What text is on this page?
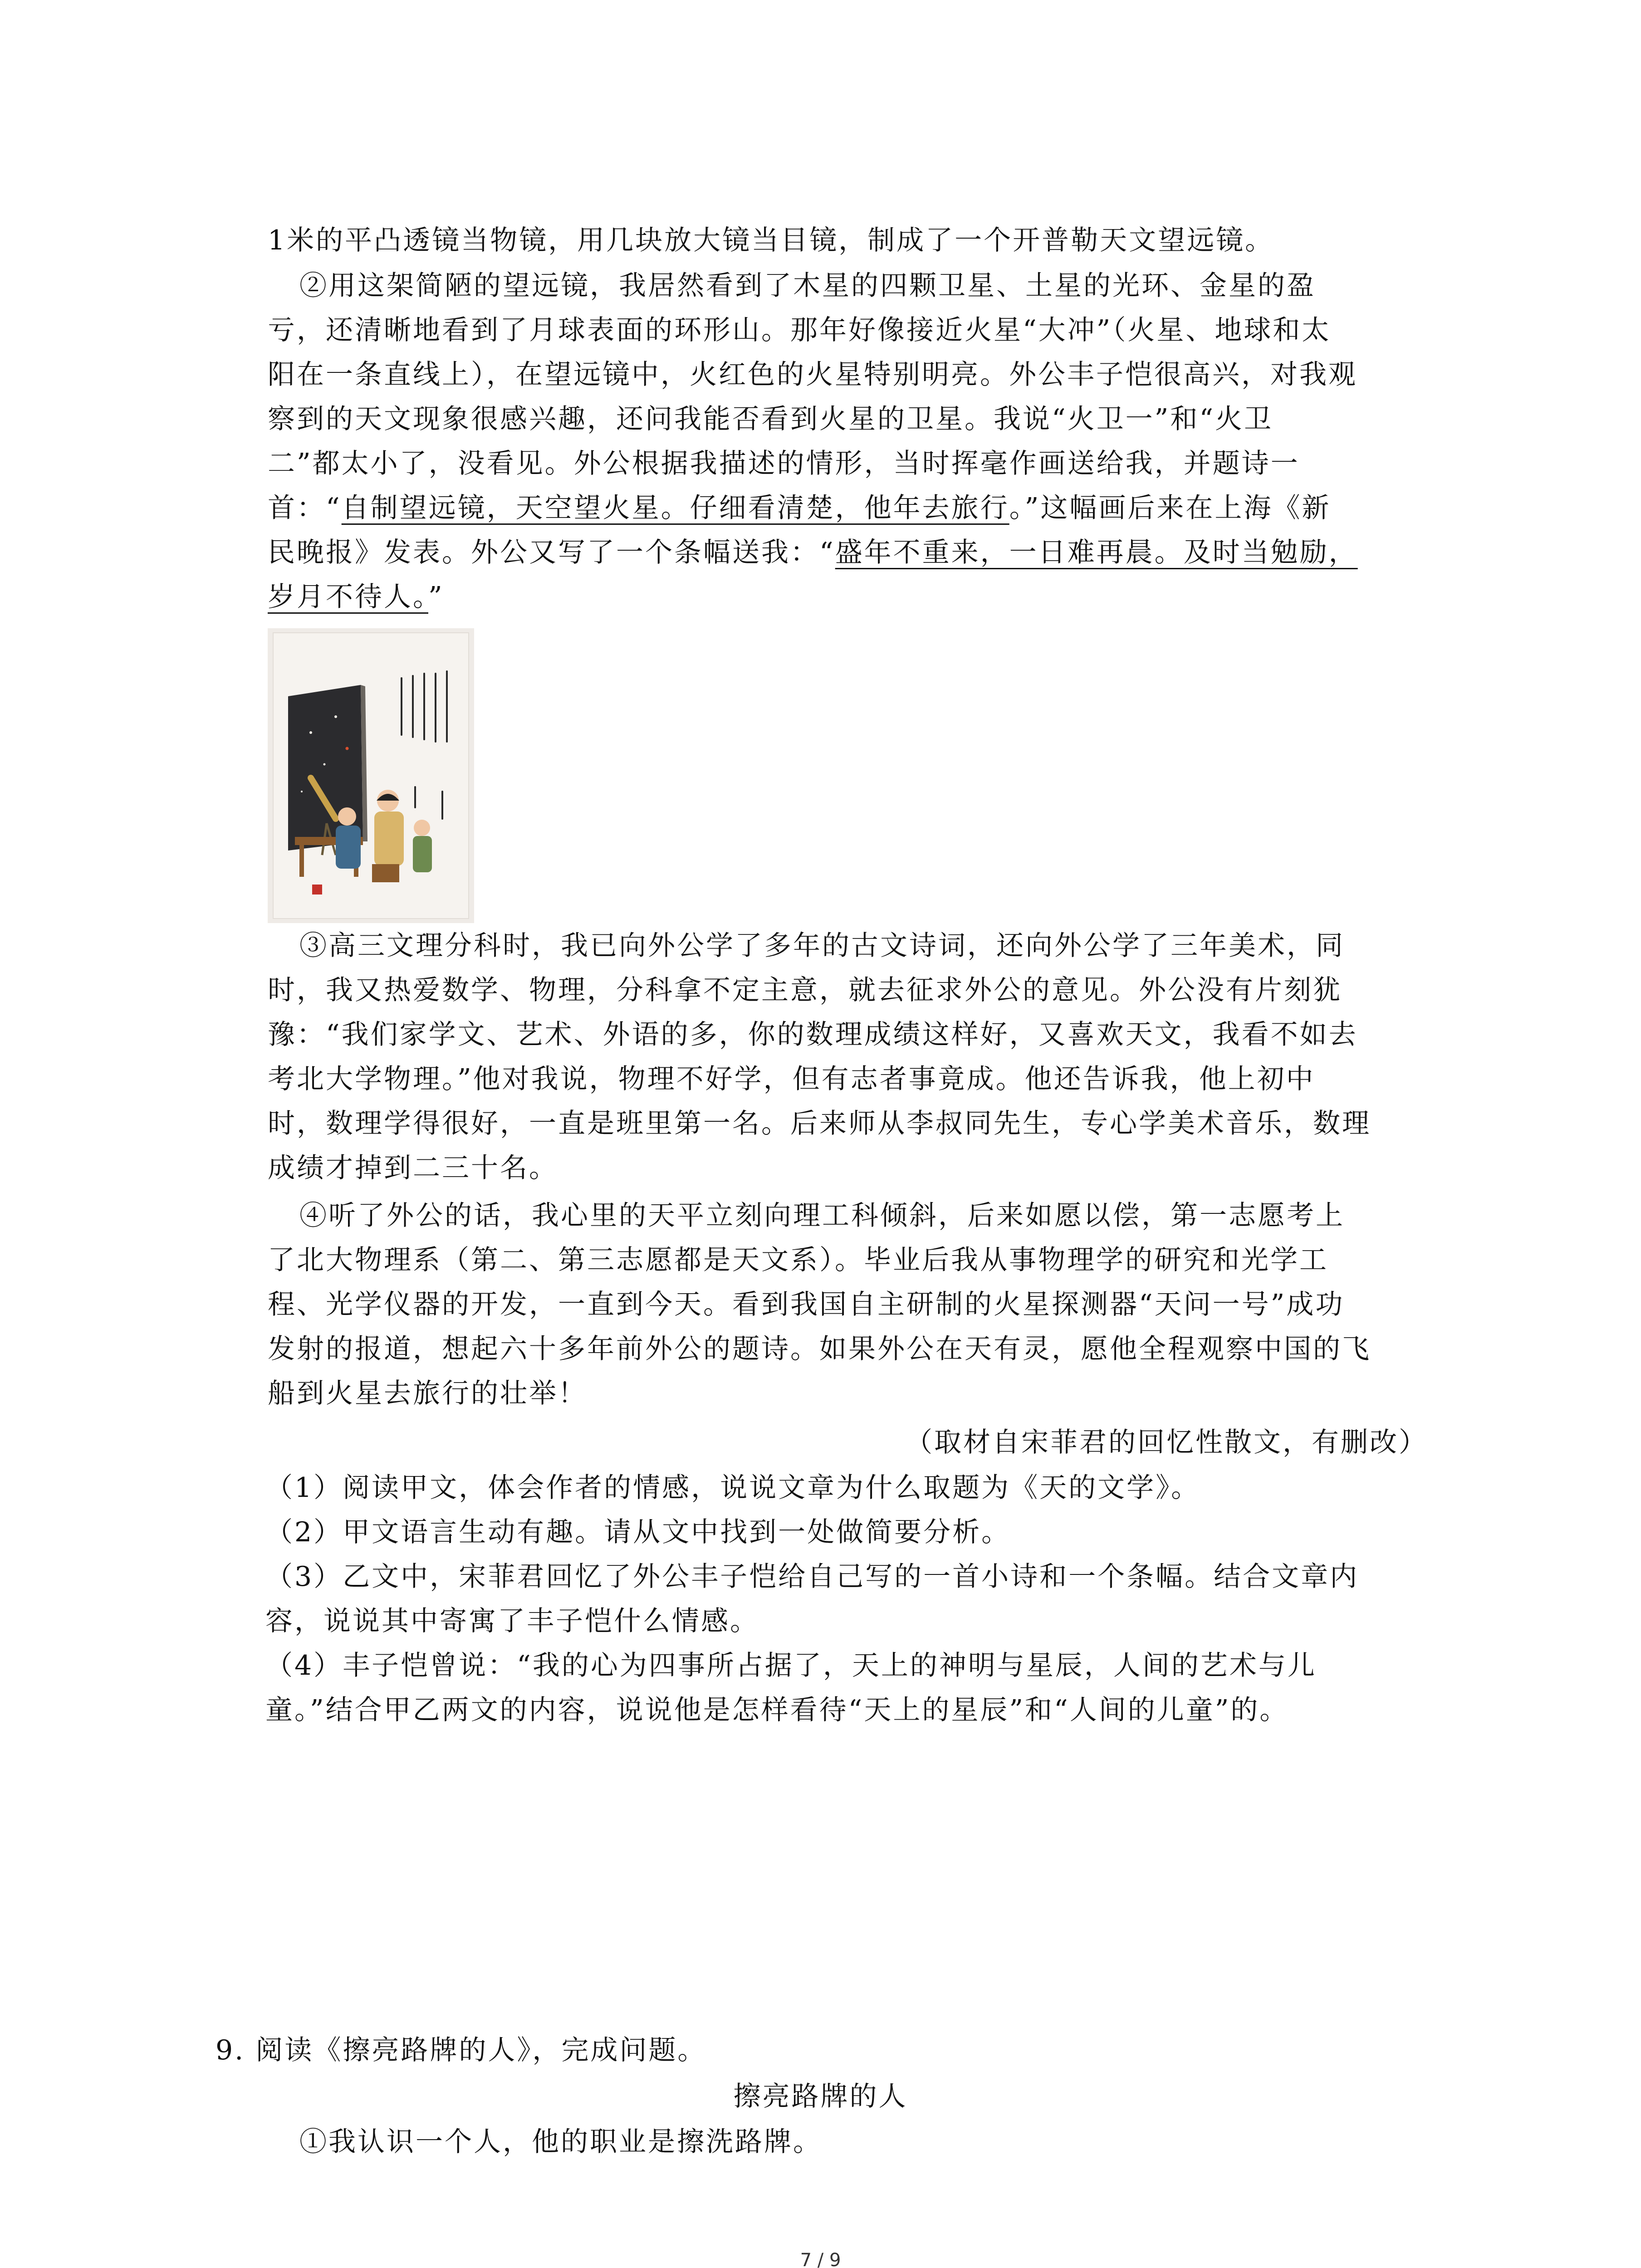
1米的平凸透镜当物镜，用几块放大镜当目镜，制成了一个开普勒天文望远镜。
②用这架简陋的望远镜，我居然看到了木星的四颗卫星、土星的光环、金星的盈
亏，还清晰地看到了月球表面的环形山。那年好像接近火星“大冲”（火星、地球和太
阳在一条直线上），在望远镜中，火红色的火星特别明亮。外公丰子恺很高兴，对我观
察到的天文现象很感兴趣，还问我能否看到火星的卫星。我说“火卫一”和“火卫
二”都太小了，没看见。外公根据我描述的情形，当时挥毫作画送给我，并题诗一
首：“自制望远镜，天空望火星。仔细看清楚，他年去旅行。”这幅画后来在上海《新
民晚报》发表。外公又写了一个条幅送我：“盛年不重来，一日难再晨。及时当勉励，
岁月不待人。”
③高三文理分科时，我已向外公学了多年的古文诗词，还向外公学了三年美术，同
时，我又热爱数学、物理，分科拿不定主意，就去征求外公的意见。外公没有片刻犹
豫：“我们家学文、艺术、外语的多，你的数理成绩这样好，又喜欢天文，我看不如去
考北大学物理。”他对我说，物理不好学，但有志者事竟成。他还告诉我，他上初中
时，数理学得很好，一直是班里第一名。后来师从李叔同先生，专心学美术音乐，数理
成绩才掉到二三十名。
④听了外公的话，我心里的天平立刻向理工科倾斜，后来如愿以偿，第一志愿考上
了北大物理系（第二、第三志愿都是天文系）。毕业后我从事物理学的研究和光学工
程、光学仪器的开发，一直到今天。看到我国自主研制的火星探测器“天问一号”成功
发射的报道，想起六十多年前外公的题诗。如果外公在天有灵，愿他全程观察中国的飞
船到火星去旅行的壮举！
（取材自宋菲君的回忆性散文，有删改）
（1）阅读甲文，体会作者的情感，说说文章为什么取题为《天的文学》。
（2）甲文语言生动有趣。请从文中找到一处做简要分析。
（3）乙文中，宋菲君回忆了外公丰子恺给自己写的一首小诗和一个条幅。结合文章内
容，说说其中寄寓了丰子恺什么情感。
（4）丰子恺曾说：“我的心为四事所占据了，天上的神明与星辰，人间的艺术与儿
童。”结合甲乙两文的内容，说说他是怎样看待“天上的星辰”和“人间的儿童”的。
9. 阅读《擦亮路牌的人》，完成问题。
擦亮路牌的人
①我认识一个人，他的职业是擦洗路牌。
7 / 9
